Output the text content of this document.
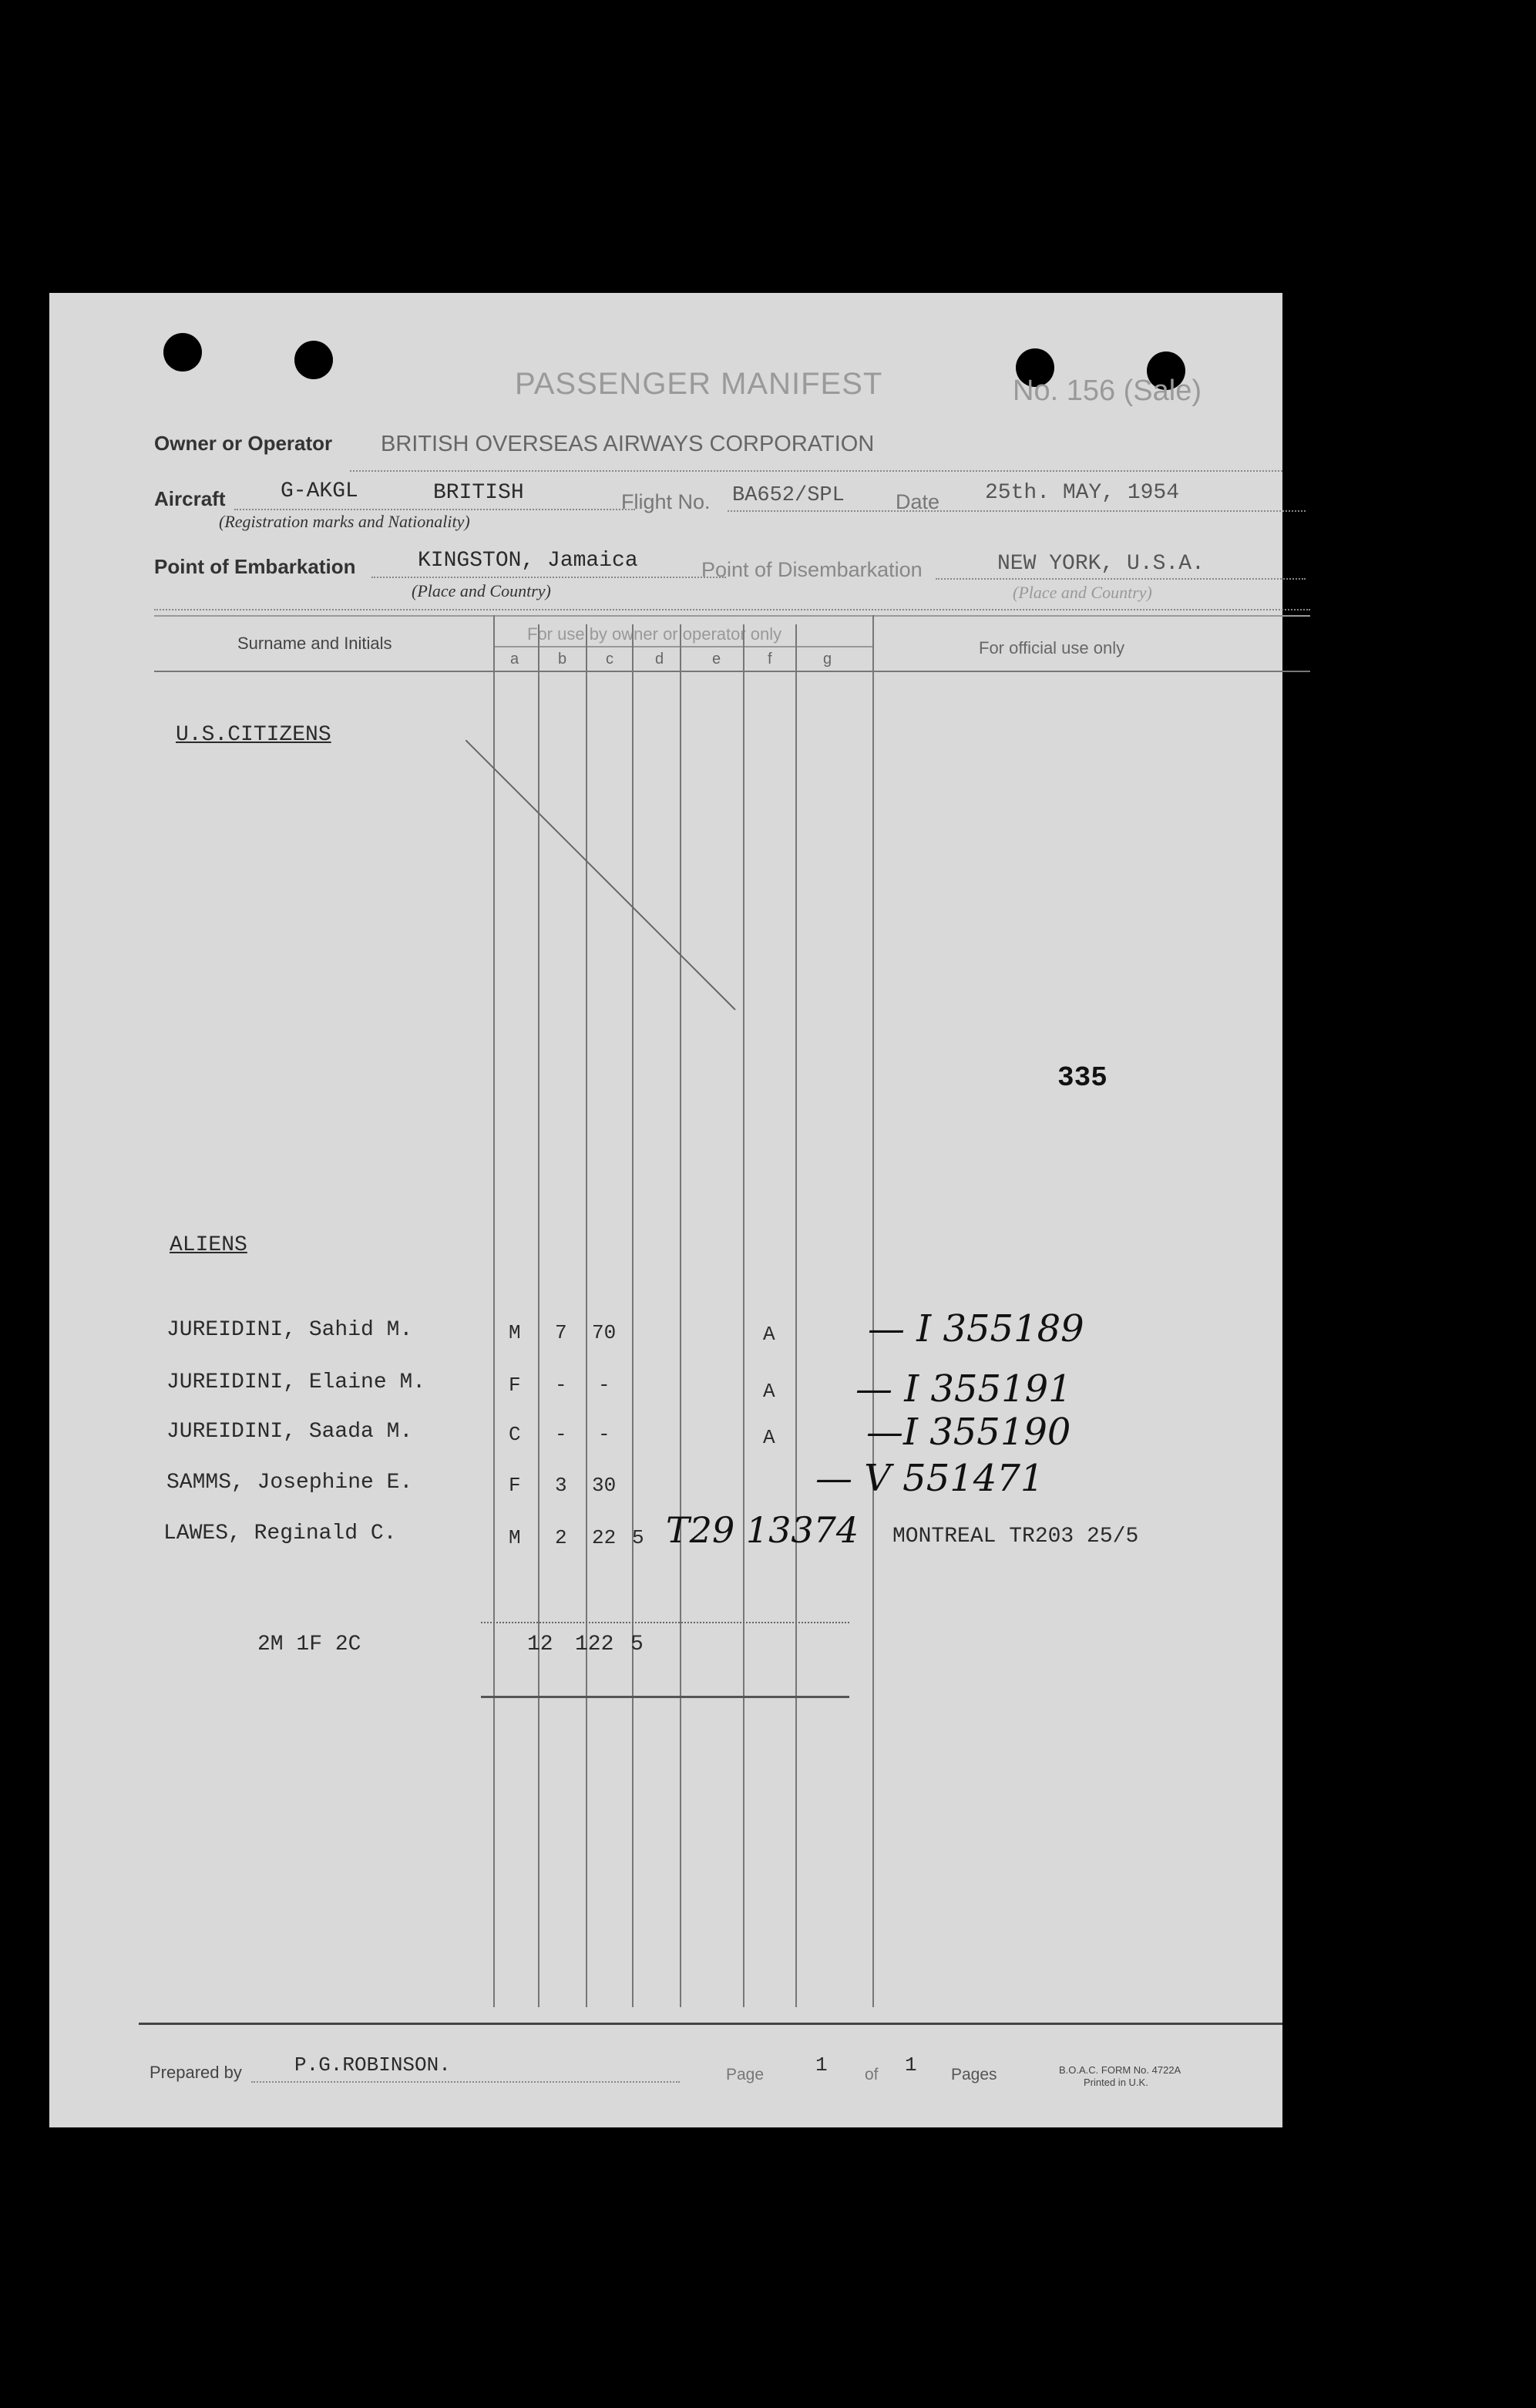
PASSENGER MANIFEST	No. 156 (Sale)
Owner or Operator BRITISH OVERSEAS AIRWAYS CORPORATION
Aircraft	G-AKGL	BRITISH
(Registration marks and Nationality)
Flight No. BA652/SPL Date 25th. MAY, 1954
Point of Embarkation	KINGSTON, Jamaica
(Place and Country)
Point of Disembarkation	NEW YORK, U.S.A.
(Place and Country)
Surname and Initials	For use by owner or operator only
For official use only
a	b	c	d	e	f	g
U.S.CITIZENS
ALIENS
335
JUREIDINI, Sahid M.	M 7 70	A	— I 355189
JUREIDINI, Elaine M.	F - -	A — I 355191
JUREIDINI, Saada M.	C - -	A —I 355190
SAMMS, Josephine E.	F 3 30	— V 551471
LAWES, Reginald C.	M 2 22 5 T29 13374 MONTREAL TR203 25/5
2M 1F 2C	12 122 5
Prepared by	P.G.ROBINSON.	Page	1 of 1 Pages	B.O.A.C. FORM No. 4722A
Printed in U.K.
